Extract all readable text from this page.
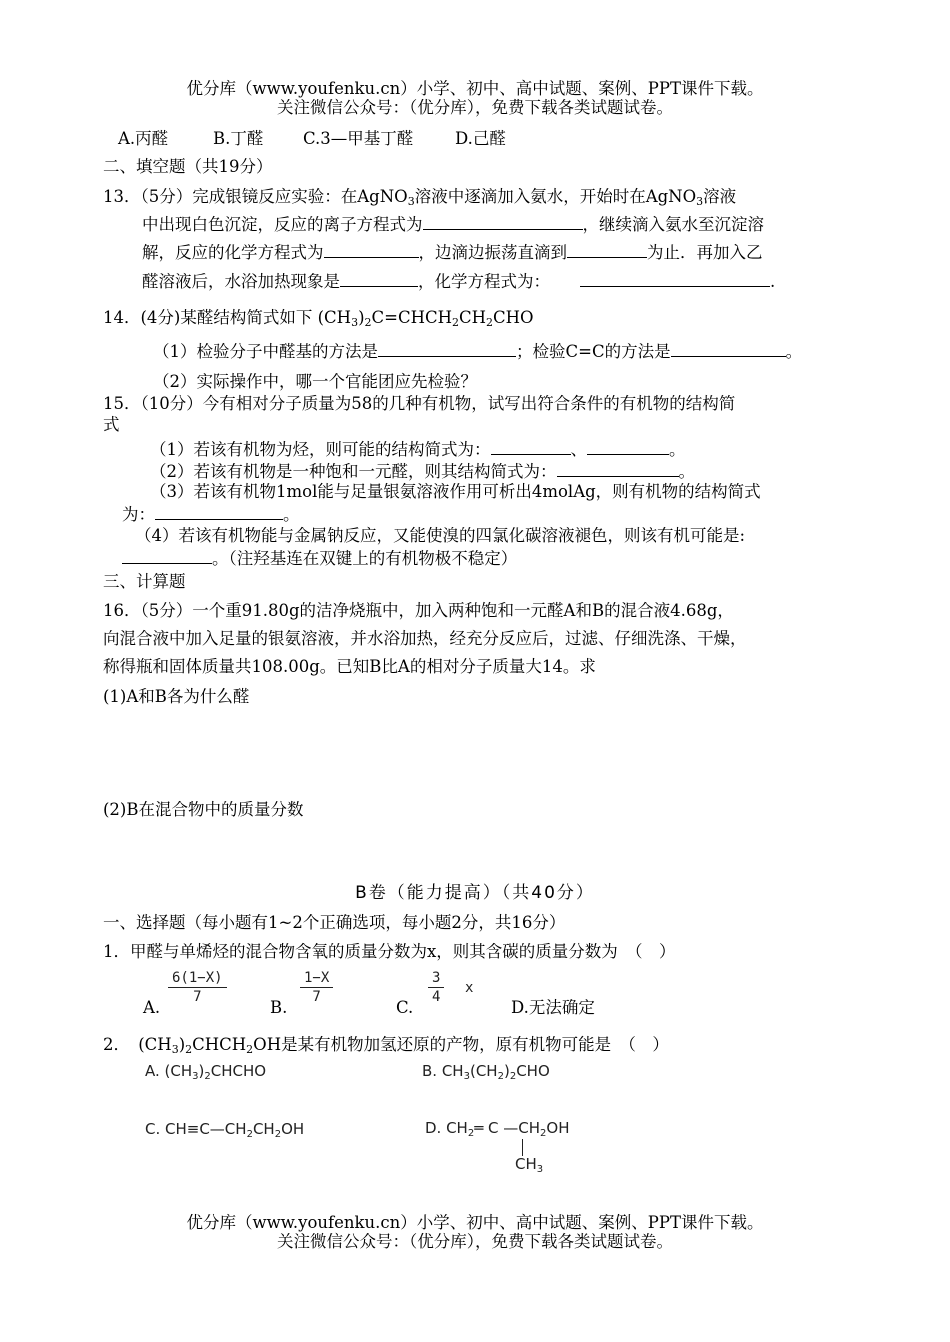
优分库（www.youfenku.cn）小学、初中、高中试题、案例、PPT课件下载。
关注微信公众号：（优分库），免费下载各类试题试卷。
A.丙醛	B.丁醛 C.3—甲基丁醛	D.己醛
二、填空题（共19分）
13．（5分）完成银镜反应实验：在AgNO$_3$溶液中逐滴加入氨水，开始时在AgNO$_3$溶液
中出现白色沉淀，反应的离子方程式为	，继续滴入氨水至沉淀溶
解，反应的化学方程式为	，边滴边振荡直滴到	为止．再加入乙
醛溶液后，水浴加热现象是	，化学方程式为：	.
14．(4分)某醛结构简式如下 $(CH_3)_2C=CHCH_2CH_2CHO$
（1）检验分子中醛基的方法是	；检验C=C的方法是	。
（2）实际操作中，哪一个官能团应先检验？
15．（10分）今有相对分子质量为58的几种有机物，试写出符合条件的有机物的结构简
式
（1）若该有机物为烃，则可能的结构简式为：	、	。
（2）若该有机物是一种饱和一元醛，则其结构简式为：	。
（3）若该有机物1mol能与足量银氨溶液作用可析出4molAg，则有机物的结构简式
为：	。
（4）若该有机物能与金属钠反应，又能使溴的四氯化碳溶液褪色，则该有机可能是:
。（注羟基连在双键上的有机物极不稳定）
三、计算题
16．（5分）一个重91.80g的洁净烧瓶中，加入两种饱和一元醛A和B的混合液4.68g，
向混合液中加入足量的银氨溶液，并水浴加热，经充分反应后，过滤、仔细洗涤、干燥，
称得瓶和固体质量共108.00g。已知B比A的相对分子质量大14。求
(1)A和B各为什么醛
(2)B在混合物中的质量分数
B卷（能力提高）（共40分）
一、选择题（每小题有1~2个正确选项，每小题2分，共16分）
1．甲醛与单烯烃的混合物含氧的质量分数为x，则其含碳的质量分数为　（　）
A.
$\frac{6(1-X)}{7}$
B.
$\frac{1-X}{7}$
C.
$\frac{3}{4}$ x
D.无法确定
2．　$(CH_3)_2CHCH_2OH$是某有机物加氢还原的产物，原有机物可能是　（　）
A. $(CH_3)_2CHCHO$	B. $CH_3(CH_2)_2CHO$
C. $CH\equiv C—CH_2CH_2OH$	D. $CH_2═$ C $—CH_2OH$
$CH_3$
优分库（www.youfenku.cn）小学、初中、高中试题、案例、PPT课件下载。
关注微信公众号：（优分库），免费下载各类试题试卷。
